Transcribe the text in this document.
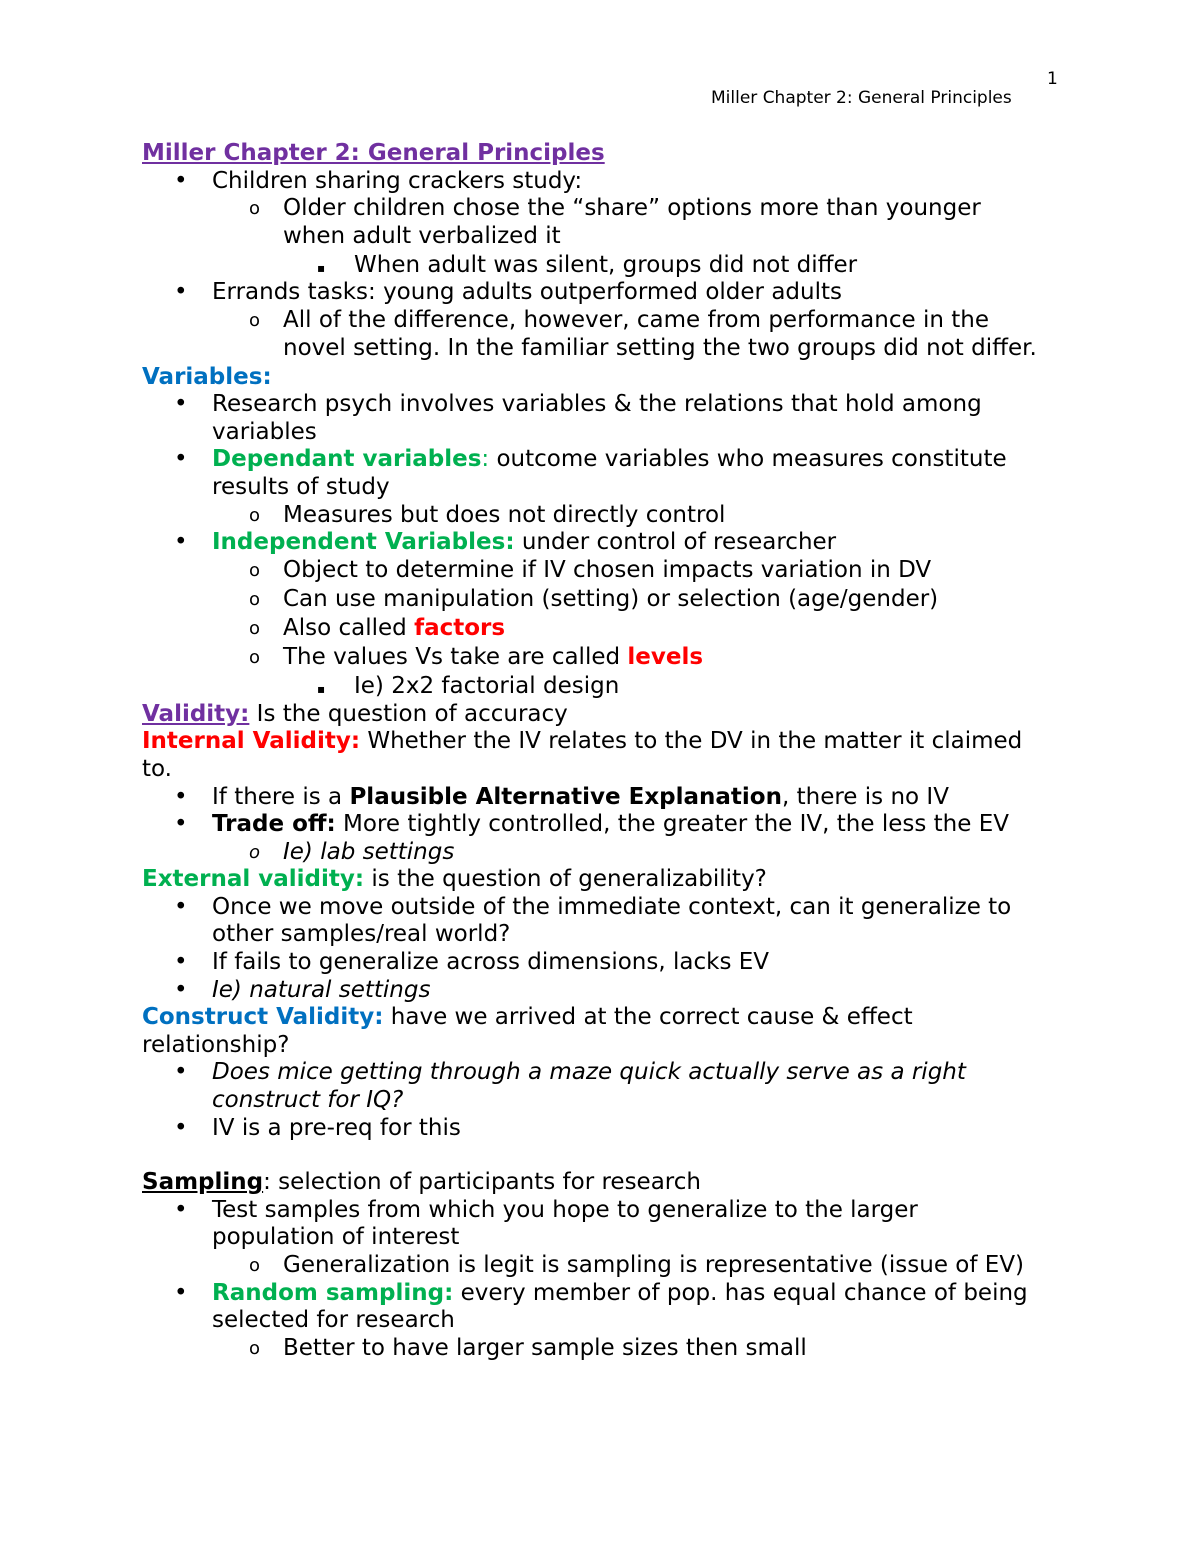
1
Miller Chapter 2: General Principles
Miller Chapter 2: General Principles
• Children sharing crackers study:
o Older children chose the “share” options more than younger
when adult verbalized it
▪ When adult was silent, groups did not differ
• Errands tasks: young adults outperformed older adults
o All of the difference, however, came from performance in the
novel setting. In the familiar setting the two groups did not differ.
Variables:
• Research psych involves variables & the relations that hold among
variables
• Dependant variables: outcome variables who measures constitute
results of study
o Measures but does not directly control
• Independent Variables: under control of researcher
o Object to determine if IV chosen impacts variation in DV
o Can use manipulation (setting) or selection (age/gender)
o Also called factors
o The values Vs take are called levels
▪ Ie) 2x2 factorial design
Validity: Is the question of accuracy
Internal Validity: Whether the IV relates to the DV in the matter it claimed
to.
• If there is a Plausible Alternative Explanation, there is no IV
• Trade off: More tightly controlled, the greater the IV, the less the EV
o Ie) lab settings
External validity: is the question of generalizability?
• Once we move outside of the immediate context, can it generalize to
other samples/real world?
• If fails to generalize across dimensions, lacks EV
• Ie) natural settings
Construct Validity: have we arrived at the correct cause & effect
relationship?
• Does mice getting through a maze quick actually serve as a right
construct for IQ?
• IV is a pre-req for this
Sampling: selection of participants for research
• Test samples from which you hope to generalize to the larger
population of interest
o Generalization is legit is sampling is representative (issue of EV)
• Random sampling: every member of pop. has equal chance of being
selected for research
o Better to have larger sample sizes then small
